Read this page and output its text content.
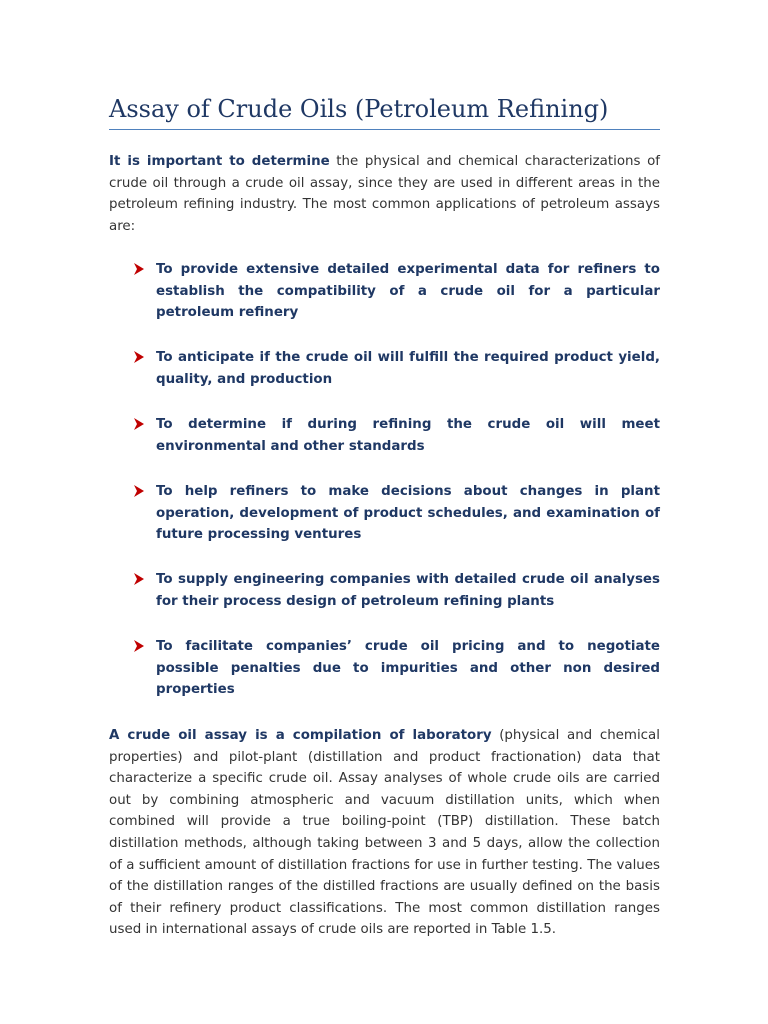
Assay of Crude Oils (Petroleum Refining)

It is important to determine the physical and chemical characterizations of crude oil through a crude oil assay, since they are used in different areas in the petroleum refining industry. The most common applications of petroleum assays are:

To provide extensive detailed experimental data for refiners to establish the compatibility of a crude oil for a particular petroleum refinery

To anticipate if the crude oil will fulfill the required product yield, quality, and production

To determine if during refining the crude oil will meet environmental and other standards

To help refiners to make decisions about changes in plant operation, development of product schedules, and examination of future processing ventures

To supply engineering companies with detailed crude oil analyses for their process design of petroleum refining plants

To facilitate companies’ crude oil pricing and to negotiate possible penalties due to impurities and other non desired properties

A crude oil assay is a compilation of laboratory (physical and chemical properties) and pilot-plant (distillation and product fractionation) data that characterize a specific crude oil. Assay analyses of whole crude oils are carried out by combining atmospheric and vacuum distillation units, which when combined will provide a true boiling-point (TBP) distillation. These batch distillation methods, although taking between 3 and 5 days, allow the collection of a sufficient amount of distillation fractions for use in further testing. The values of the distillation ranges of the distilled fractions are usually defined on the basis of their refinery product classifications. The most common distillation ranges used in international assays of crude oils are reported in Table 1.5.
